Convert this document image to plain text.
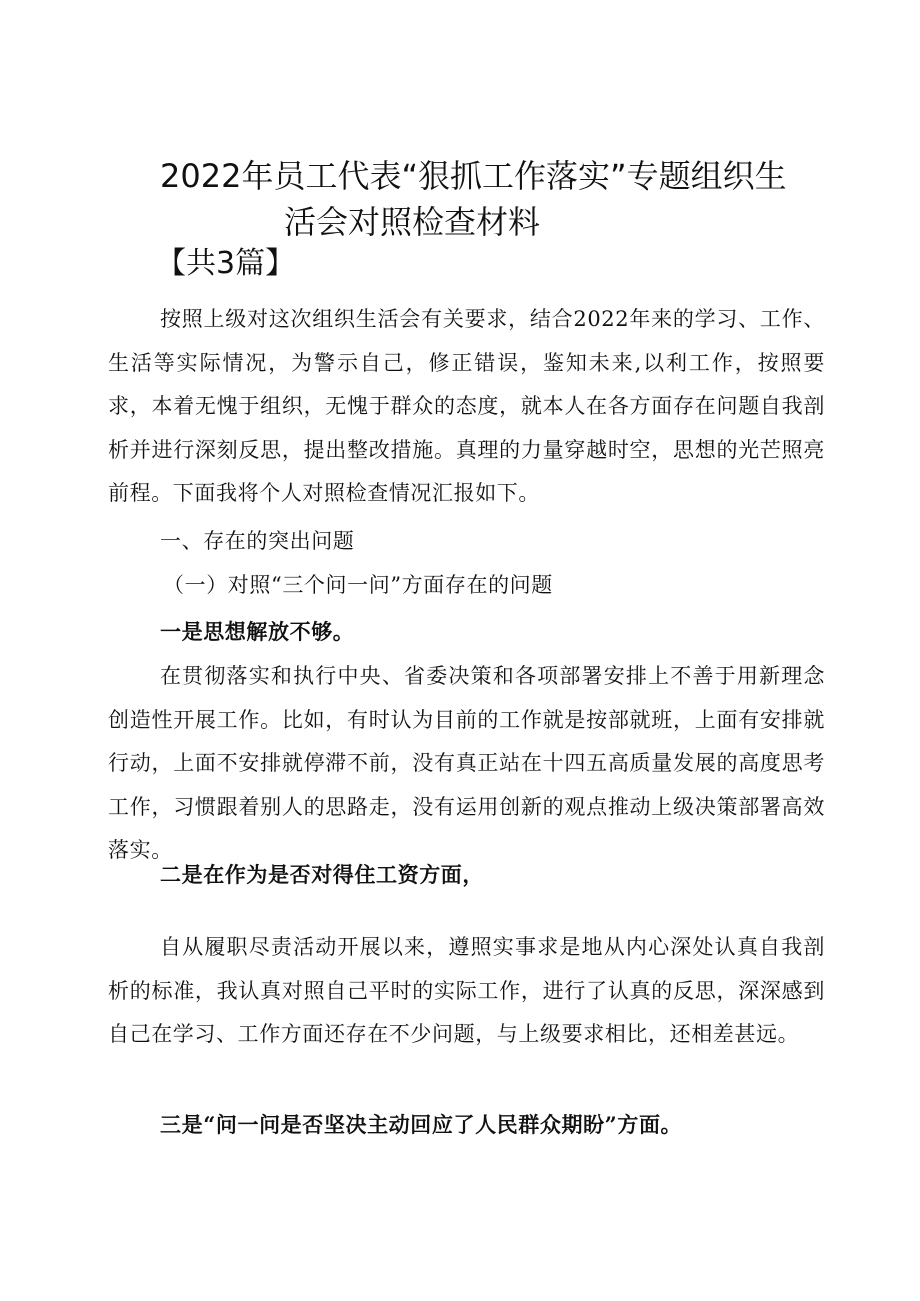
2022年员工代表“狠抓工作落实”专题组织生
活会对照检查材料

【共3篇】

按照上级对这次组织生活会有关要求，结合2022年来的学习、工作、生活等实际情况，为警示自己，修正错误，鉴知未来,以利工作，按照要求，本着无愧于组织，无愧于群众的态度，就本人在各方面存在问题自我剖析并进行深刻反思，提出整改措施。真理的力量穿越时空，思想的光芒照亮前程。下面我将个人对照检查情况汇报如下。

一、存在的突出问题

（一）对照“三个问一问”方面存在的问题

一是思想解放不够。

在贯彻落实和执行中央、省委决策和各项部署安排上不善于用新理念创造性开展工作。比如，有时认为目前的工作就是按部就班，上面有安排就行动，上面不安排就停滞不前，没有真正站在十四五高质量发展的高度思考工作，习惯跟着别人的思路走，没有运用创新的观点推动上级决策部署高效落实。

二是在作为是否对得住工资方面，

自从履职尽责活动开展以来，遵照实事求是地从内心深处认真自我剖析的标准，我认真对照自己平时的实际工作，进行了认真的反思，深深感到自己在学习、工作方面还存在不少问题，与上级要求相比，还相差甚远。

三是“问一问是否坚决主动回应了人民群众期盼”方面。
